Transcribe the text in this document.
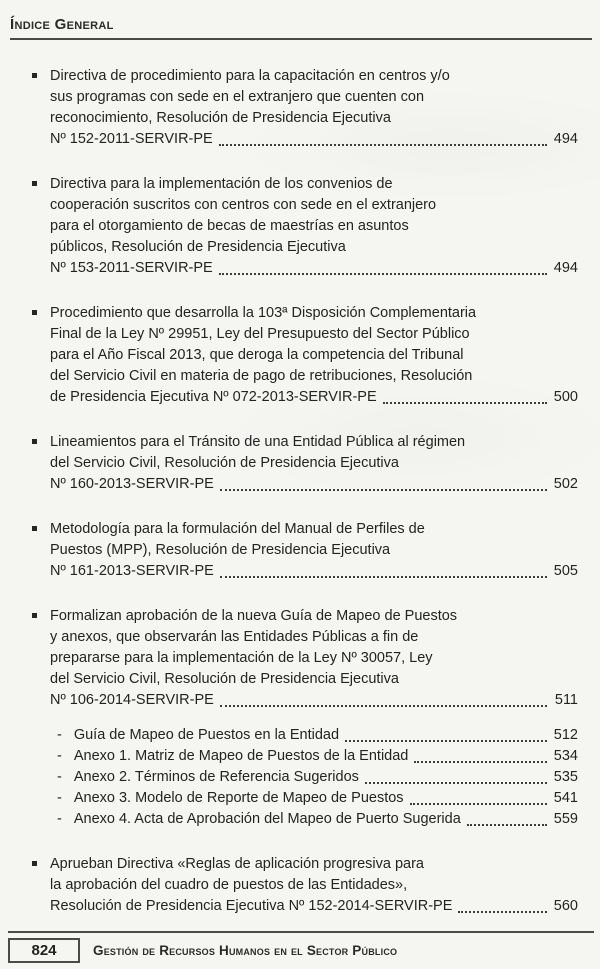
Índice General
Directiva de procedimiento para la capacitación en centros y/o
sus programas con sede en el extranjero que cuenten con
reconocimiento, Resolución de Presidencia Ejecutiva
Nº 152-2011-SERVIR-PE	494
Directiva para la implementación de los convenios de
cooperación suscritos con centros con sede en el extranjero
para el otorgamiento de becas de maestrías en asuntos
públicos, Resolución de Presidencia Ejecutiva
Nº 153-2011-SERVIR-PE	494
Procedimiento que desarrolla la 103ª Disposición Complementaria
Final de la Ley Nº 29951, Ley del Presupuesto del Sector Público
para el Año Fiscal 2013, que deroga la competencia del Tribunal
del Servicio Civil en materia de pago de retribuciones, Resolución
de Presidencia Ejecutiva Nº 072-2013-SERVIR-PE	500
Lineamientos para el Tránsito de una Entidad Pública al régimen
del Servicio Civil, Resolución de Presidencia Ejecutiva
Nº 160-2013-SERVIR-PE	502
Metodología para la formulación del Manual de Perfiles de
Puestos (MPP), Resolución de Presidencia Ejecutiva
Nº 161-2013-SERVIR-PE	505
Formalizan aprobación de la nueva Guía de Mapeo de Puestos
y anexos, que observarán las Entidades Públicas a fin de
prepararse para la implementación de la Ley Nº 30057, Ley
del Servicio Civil, Resolución de Presidencia Ejecutiva
Nº 106-2014-SERVIR-PE	511
- Guía de Mapeo de Puestos en la Entidad	512
- Anexo 1. Matriz de Mapeo de Puestos de la Entidad	534
- Anexo 2. Términos de Referencia Sugeridos	535
- Anexo 3. Modelo de Reporte de Mapeo de Puestos	541
- Anexo 4. Acta de Aprobación del Mapeo de Puerto Sugerida	559
Aprueban Directiva «Reglas de aplicación progresiva para
la aprobación del cuadro de puestos de las Entidades»,
Resolución de Presidencia Ejecutiva Nº 152-2014-SERVIR-PE	560
824	Gestión de Recursos Humanos en el Sector Público
